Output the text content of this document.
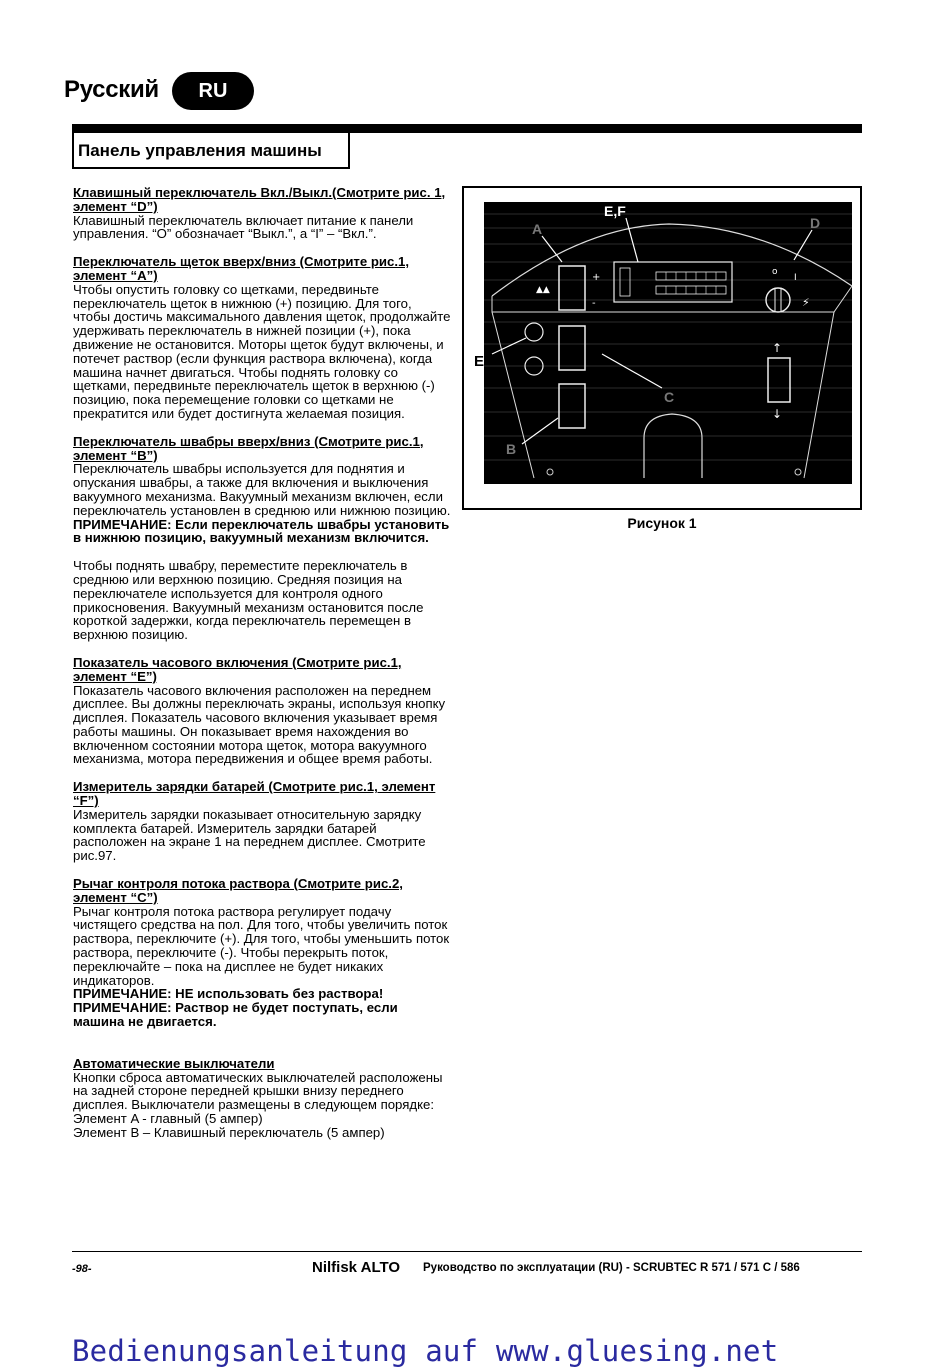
Русский	RU
Панель управления машины
Клавишный переключатель Вкл./Выкл.(Смотрите рис. 1, элемент “D”)
Клавишный переключатель включает питание к панели управления. “O” обозначает “Выкл.”, а “I” – “Вкл.”.
Переключатель щеток вверх/вниз (Смотрите рис.1, элемент “A”)
Чтобы опустить головку со щетками, передвиньте переключатель щеток в нижнюю (+) позицию. Для того, чтобы достичь максимального давления щеток, продолжайте удерживать переключатель в нижней позиции (+), пока движение не остановится. Моторы щеток будут включены, и потечет раствор (если функция раствора включена), когда машина начнет двигаться. Чтобы поднять головку со щетками, передвиньте переключатель щеток в верхнюю (-) позицию, пока перемещение головки со щетками не прекратится или будет достигнута желаемая позиция.
Переключатель швабры вверх/вниз (Смотрите рис.1, элемент “B”)
Переключатель швабры используется для поднятия и опускания швабры, а также для включения и выключения вакуумного механизма. Вакуумный механизм включен, если переключатель установлен в среднюю или нижнюю позицию. ПРИМЕЧАНИЕ: Если переключатель швабры установить в нижнюю позицию, вакуумный механизм включится.
Чтобы поднять швабру, переместите переключатель в среднюю или верхнюю позицию. Средняя позиция на переключателе используется для контроля одного прикосновения. Вакуумный механизм остановится после короткой задержки, когда переключатель перемещен в верхнюю позицию.
Показатель часового включения (Смотрите рис.1, элемент “E”)
Показатель часового включения расположен на переднем дисплее. Вы должны переключать экраны, используя кнопку дисплея. Показатель часового включения указывает время работы машины. Он показывает время нахождения во включенном состоянии мотора щеток, мотора вакуумного механизма, мотора передвижения и общее время работы.
Измеритель зарядки батарей (Смотрите рис.1, элемент “F”)
Измеритель зарядки показывает относительную зарядку комплекта батарей. Измеритель зарядки батарей расположен на экране 1 на переднем дисплее. Смотрите рис.97.
Рычаг контроля потока раствора (Смотрите рис.2, элемент “C”)
Рычаг контроля потока раствора регулирует подачу чистящего средства на пол. Для того, чтобы увеличить поток раствора, переключите (+). Для того, чтобы уменьшить поток раствора, переключите (-). Чтобы перекрыть поток, переключайте – пока на дисплее не будет никаких индикаторов.
ПРИМЕЧАНИЕ: НЕ использовать без раствора!
ПРИМЕЧАНИЕ: Раствор не будет поступать, если машина не двигается.
Автоматические выключатели
Кнопки сброса автоматических выключателей расположены на задней стороне передней крышки внизу переднего дисплея. Выключатели размещены в следующем порядке:
Элемент A - главный (5 ампер)
Элемент B – Клавишный переключатель (5 ампер)
+
-
▲▲
o
I
⚡
↑
↓
A
E,F
D
E
C
B
Рисунок 1
-98-	Nilfisk ALTO Руководство по эксплуатации (RU) - SCRUBTEC R 571 / 571 C / 586
Bedienungsanleitung auf www.gluesing.net
